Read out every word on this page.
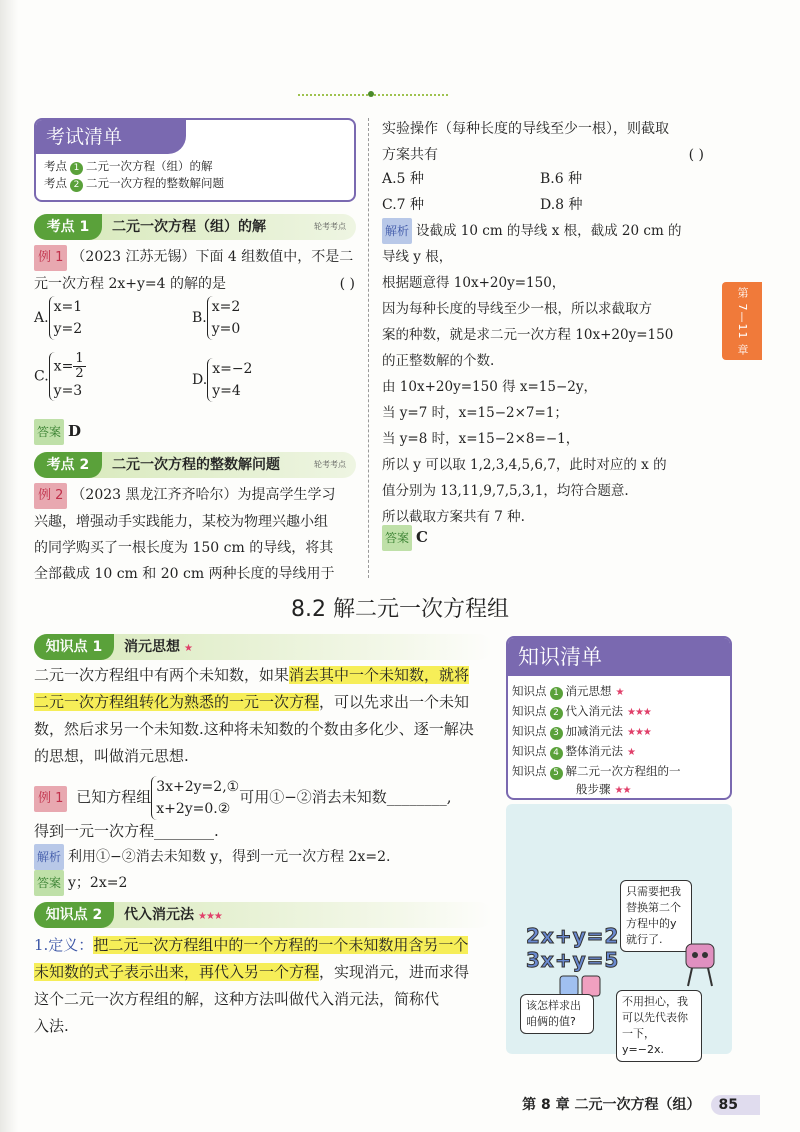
第 7—11 章
考试清单
考点 1 二元一次方程（组）的解
考点 2 二元一次方程的整数解问题
考点 1	二元一次方程（组）的解	轮考考点
例 1 （2023 江苏无锡）下面 4 组数值中，不是二
元一次方程 2x+y=4 的解的是	( )
A.x=1
y=2
B.x=2
y=0
$C.x=\frac{1}{2}$
y=3
D.x=−2
y=4
答案 D
考点 2	二元一次方程的整数解问题	轮考考点
例 2 （2023 黑龙江齐齐哈尔）为提高学生学习
兴趣，增强动手实践能力，某校为物理兴趣小组
的同学购买了一根长度为 150 cm 的导线，将其
全部截成 10 cm 和 20 cm 两种长度的导线用于
实验操作（每种长度的导线至少一根），则截取
方案共有	( )
A.5 种	B.6 种
C.7 种	D.8 种
解析 设截成 10 cm 的导线 x 根，截成 20 cm 的
导线 y 根，
根据题意得 10x+20y=150，
因为每种长度的导线至少一根，所以求截取方
案的种数，就是求二元一次方程 10x+20y=150
的正整数解的个数.
由 10x+20y=150 得 x=15−2y，
当 y=7 时，x=15−2×7=1；
当 y=8 时，x=15−2×8=−1，
所以 y 可以取 1,2,3,4,5,6,7，此时对应的 x 的
值分别为 13,11,9,7,5,3,1，均符合题意.
所以截取方案共有 7 种.
答案 C
8.2 解二元一次方程组
知识点 1	消元思想 ★
二元一次方程组中有两个未知数，如果消去其中一个未知数，就将
二元一次方程组转化为熟悉的一元一次方程，可以先求出一个未知
数，然后求另一个未知数.这种将未知数的个数由多化少、逐一解决
的思想，叫做消元思想.
例 1 已知方程组3x+2y=2,①
x+2y=0.②可用①−②消去未知数________,
得到一元一次方程________.
解析 利用①−②消去未知数 y，得到一元一次方程 2x=2.
答案 y；2x=2
知识点 2	代入消元法 ★★★
1.定义：把二元一次方程组中的一个方程的一个未知数用含另一个
未知数的式子表示出来，再代入另一个方程，实现消元，进而求得
这个二元一次方程组的解，这种方法叫做代入消元法，简称代
入法.
知识清单
知识点 1 消元思想 ★
知识点 2 代入消元法 ★★★
知识点 3 加减消元法 ★★★
知识点 4 整体消元法 ★
知识点 5 解二元一次方程组的一
般步骤 ★★
只需要把我
替换第二个
方程中的y
就行了.
2x+y=2
3x+y=5
该怎样求出
咱俩的值?
不用担心，我
可以先代表你
一下，y=−2x.
第 8 章 二元一次方程（组） 85
